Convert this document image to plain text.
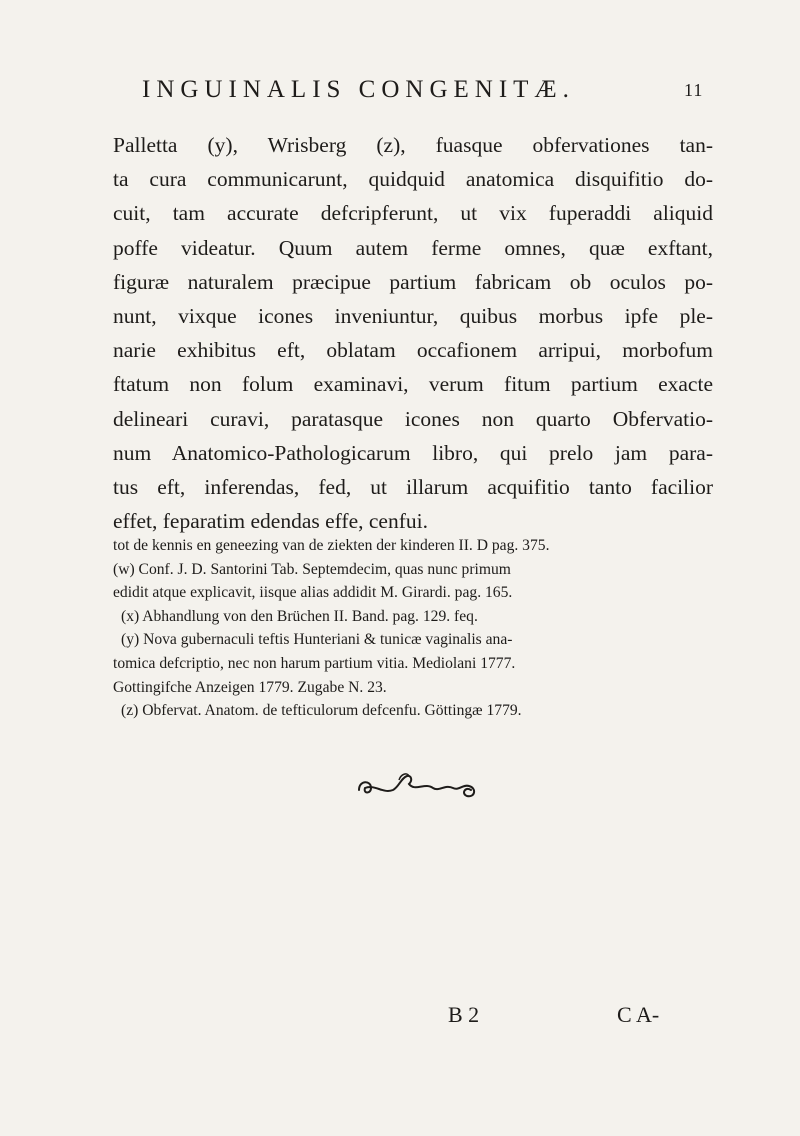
INGUINALIS CONGENITÆ.	11
Palletta (y), Wrisberg (z), fuasque obfervationes tan-
ta cura communicarunt, quidquid anatomica disquifitio do-
cuit, tam accurate defcripferunt, ut vix fuperaddi aliquid
poffe videatur. Quum autem ferme omnes, quæ exftant,
figuræ naturalem præcipue partium fabricam ob oculos po-
nunt, vixque icones inveniuntur, quibus morbus ipfe ple-
narie exhibitus eft, oblatam occafionem arripui, morbofum
ftatum non folum examinavi, verum fitum partium exacte
delineari curavi, paratasque icones non quarto Obfervatio-
num Anatomico-Pathologicarum libro, qui prelo jam para-
tus eft, inferendas, fed, ut illarum acquifitio tanto facilior
effet, feparatim edendas effe, cenfui.
tot de kennis en geneezing van de ziekten der kinderen II. D pag. 375.
(w) Conf. J. D. Santorini Tab. Septemdecim, quas nunc primum
edidit atque explicavit, iisque alias addidit M. Girardi. pag. 165.
(x) Abhandlung von den Brüchen II. Band. pag. 129. feq.
(y) Nova gubernaculi teftis Hunteriani & tunicæ vaginalis ana-
tomica defcriptio, nec non harum partium vitia. Mediolani 1777.
Gottingifche Anzeigen 1779. Zugabe N. 23.
(z) Obfervat. Anatom. de tefticulorum defcenfu. Göttingæ 1779.
B 2	C A-
